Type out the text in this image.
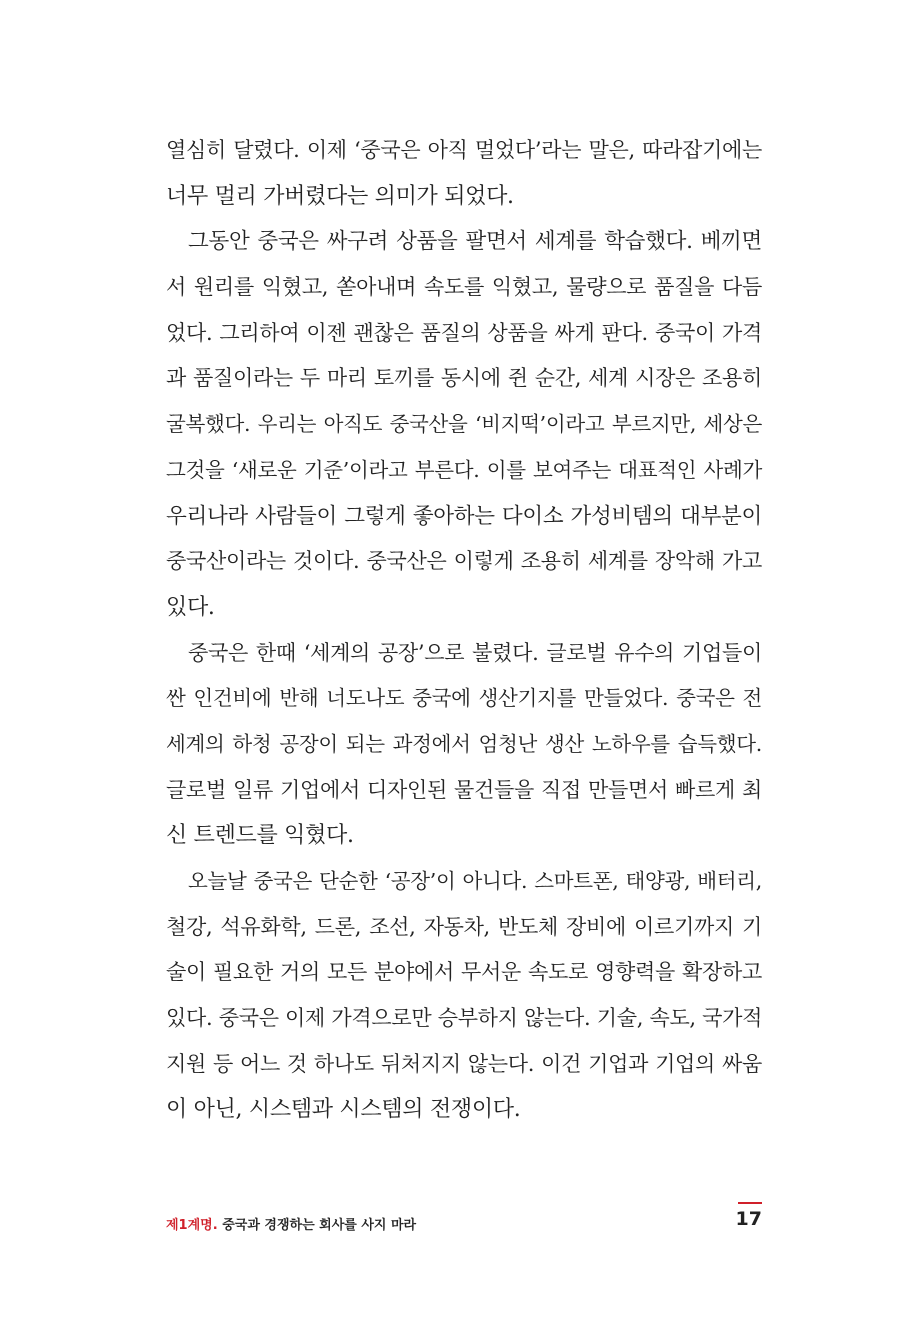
열심히 달렸다. 이제 ‘중국은 아직 멀었다’라는 말은, 따라잡기에는
너무 멀리 가버렸다는 의미가 되었다.
그동안 중국은 싸구려 상품을 팔면서 세계를 학습했다. 베끼면
서 원리를 익혔고, 쏟아내며 속도를 익혔고, 물량으로 품질을 다듬
었다. 그리하여 이젠 괜찮은 품질의 상품을 싸게 판다. 중국이 가격
과 품질이라는 두 마리 토끼를 동시에 쥔 순간, 세계 시장은 조용히
굴복했다. 우리는 아직도 중국산을 ‘비지떡’이라고 부르지만, 세상은
그것을 ‘새로운 기준’이라고 부른다. 이를 보여주는 대표적인 사례가
우리나라 사람들이 그렇게 좋아하는 다이소 가성비템의 대부분이
중국산이라는 것이다. 중국산은 이렇게 조용히 세계를 장악해 가고
있다.
중국은 한때 ‘세계의 공장’으로 불렸다. 글로벌 유수의 기업들이
싼 인건비에 반해 너도나도 중국에 생산기지를 만들었다. 중국은 전
세계의 하청 공장이 되는 과정에서 엄청난 생산 노하우를 습득했다.
글로벌 일류 기업에서 디자인된 물건들을 직접 만들면서 빠르게 최
신 트렌드를 익혔다.
오늘날 중국은 단순한 ‘공장’이 아니다. 스마트폰, 태양광, 배터리,
철강, 석유화학, 드론, 조선, 자동차, 반도체 장비에 이르기까지 기
술이 필요한 거의 모든 분야에서 무서운 속도로 영향력을 확장하고
있다. 중국은 이제 가격으로만 승부하지 않는다. 기술, 속도, 국가적
지원 등 어느 것 하나도 뒤처지지 않는다. 이건 기업과 기업의 싸움
이 아닌, 시스템과 시스템의 전쟁이다.
제1계명. 중국과 경쟁하는 회사를 사지 마라	17
